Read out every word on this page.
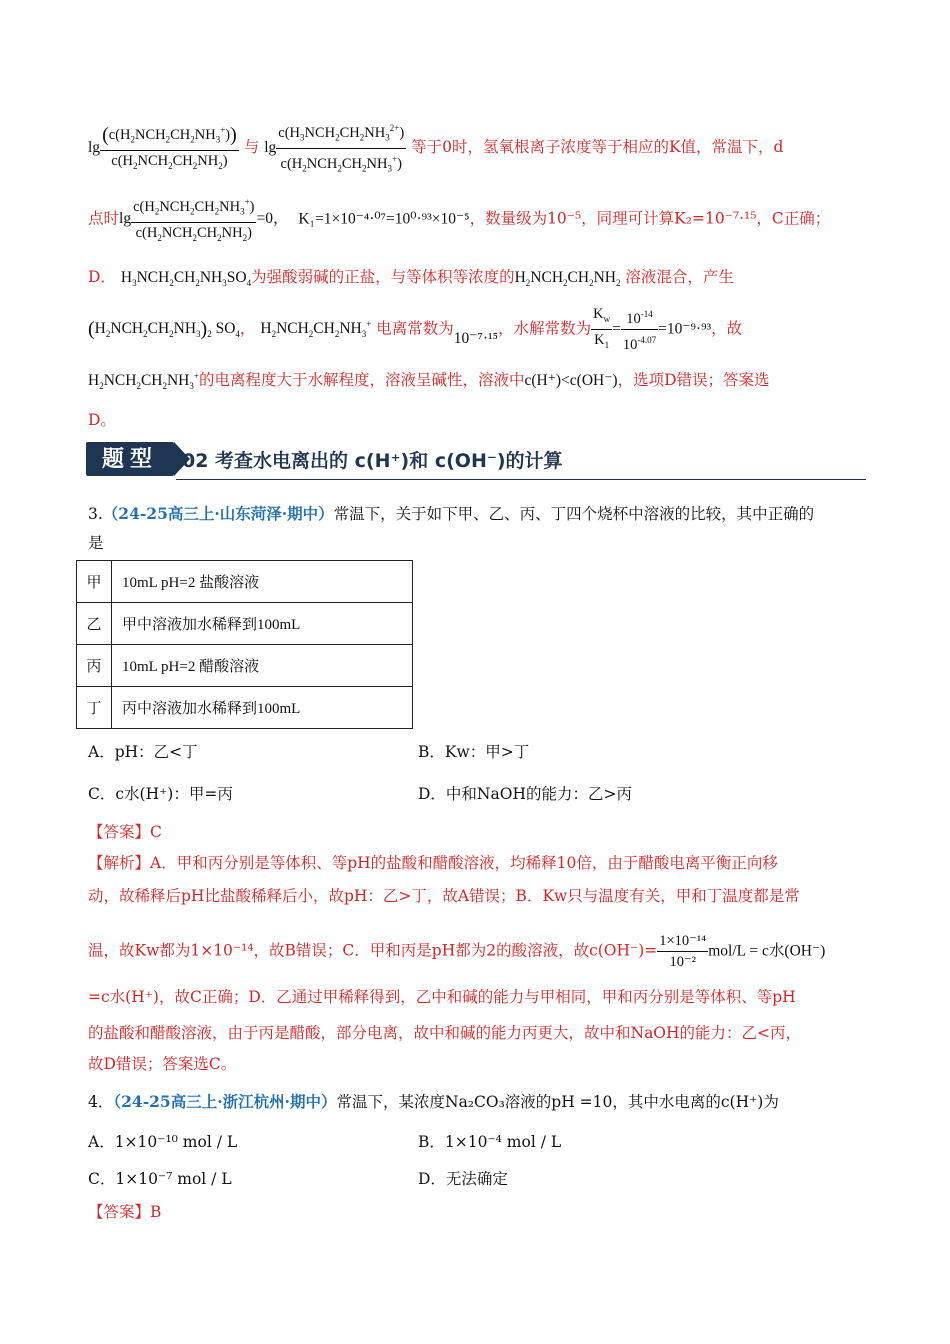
$\lg \frac{(c(H_2NCH_2CH_2NH_3^+))}{c(H_2NCH_2CH_2NH_2)}$ 与 $\lg \frac{c(H_3NCH_2CH_2NH_3^{2+})}{c(H_2NCH_2CH_2NH_3^+)}$ 等于0时，氢氧根离子浓度等于相应的K值，常温下，d
点时$\lg \frac{c(H_2NCH_2CH_2NH_3^+)}{c(H_2NCH_2CH_2NH_2)} =0$， K₁=1×10⁻⁴·⁰⁷=10⁰·⁹³×10⁻⁵，数量级为10⁻⁵，同理可计算K₂=10⁻⁷·¹⁵，C正确；
D． $H_3NCH_2CH_2NH_3SO_4$为强酸弱碱的正盐，与等体积等浓度的$H_2NCH_2CH_2NH_2$ 溶液混合，产生
$(H_2NCH_2CH_2NH_3)_2$ $SO_4$， $H_2NCH_2CH_2NH_3^+$ 电离常数为10⁻⁷·¹⁵，水解常数为 $\frac{K_w}{K_1} = \frac{10^{-14}}{10^{-4.07}} =10^{-9}\cdot^{93}$，故
$H_2NCH_2CH_2NH_3^+$的电离程度大于水解程度，溶液呈碱性，溶液中c(H⁺)<c(OH⁻)，选项D错误；答案选
D。
题型	02 考查水电离出的 c(H⁺)和 c(OH⁻)的计算
3.（24-25高三上·山东菏泽·期中）常温下，关于如下甲、乙、丙、丁四个烧杯中溶液的比较，其中正确的
是
甲	10mL pH=2 盐酸溶液
乙	甲中溶液加水稀释到100mL
丙	10mL pH=2 醋酸溶液
丁	丙中溶液加水稀释到100mL
A．pH：乙<丁	B．Kw：甲>丁
C．c水(H⁺)：甲=丙	D．中和NaOH的能力：乙>丙
【答案】C
【解析】A．甲和丙分别是等体积、等pH的盐酸和醋酸溶液，均稀释10倍，由于醋酸电离平衡正向移
动，故稀释后pH比盐酸稀释后小，故pH：乙>丁，故A错误；B．Kw只与温度有关，甲和丁温度都是常
温，故Kw都为1×10⁻¹⁴，故B错误；C．甲和丙是pH都为2的酸溶液，故$c(OH^-)= \frac{\text{1×10⁻¹⁴}}{\text{10⁻²}} mol/L = c$水(OH⁻)
=c水(H⁺)，故C正确；D．乙通过甲稀释得到，乙中和碱的能力与甲相同，甲和丙分别是等体积、等pH
的盐酸和醋酸溶液，由于丙是醋酸，部分电离，故中和碱的能力丙更大，故中和NaOH的能力：乙<丙，
故D错误；答案选C。
4．（24-25高三上·浙江杭州·期中）常温下，某浓度Na₂CO₃溶液的pH =10，其中水电离的c(H⁺)为
A．1×10⁻¹⁰ mol / L	B．1×10⁻⁴ mol / L
C．1×10⁻⁷ mol / L	D．无法确定
【答案】B
